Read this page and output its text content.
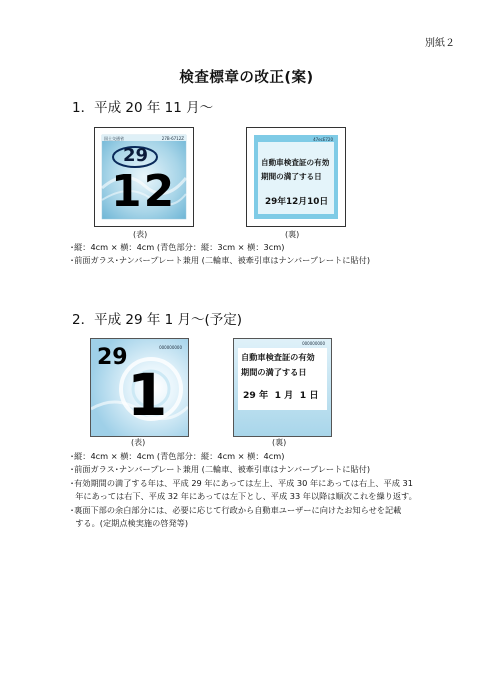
別紙２
検査標章の改正(案)
1．平成 20 年 11 月〜
国土交通省	27B-6712Z
29
12
47ecE720
自動車検査証の有効
期間の満了する日
29年12月10日
(表)	(裏)
･縦：4cm × 横：4cm (青色部分：縦：3cm × 横：3cm)
･前面ガラス･ナンバープレート兼用 (二輪車、被牽引車はナンバープレートに貼付)
2．平成 29 年 1 月〜(予定)
000000000
29
1
000000000
自動車検査証の有効
期間の満了する日
29 年  1 月  1 日
(表)	(裏)
･縦：4cm × 横：4cm (青色部分：縦：4cm × 横：4cm)
･前面ガラス･ナンバープレート兼用 (二輪車、被牽引車はナンバープレートに貼付)
･有効期間の満了する年は、平成 29 年にあっては左上、平成 30 年にあっては右上、平成 31
年にあっては右下、平成 32 年にあっては左下とし、平成 33 年以降は順次これを繰り返す。
･裏面下部の余白部分には、必要に応じて行政から自動車ユーザーに向けたお知らせを記載
する。(定期点検実施の啓発等)
